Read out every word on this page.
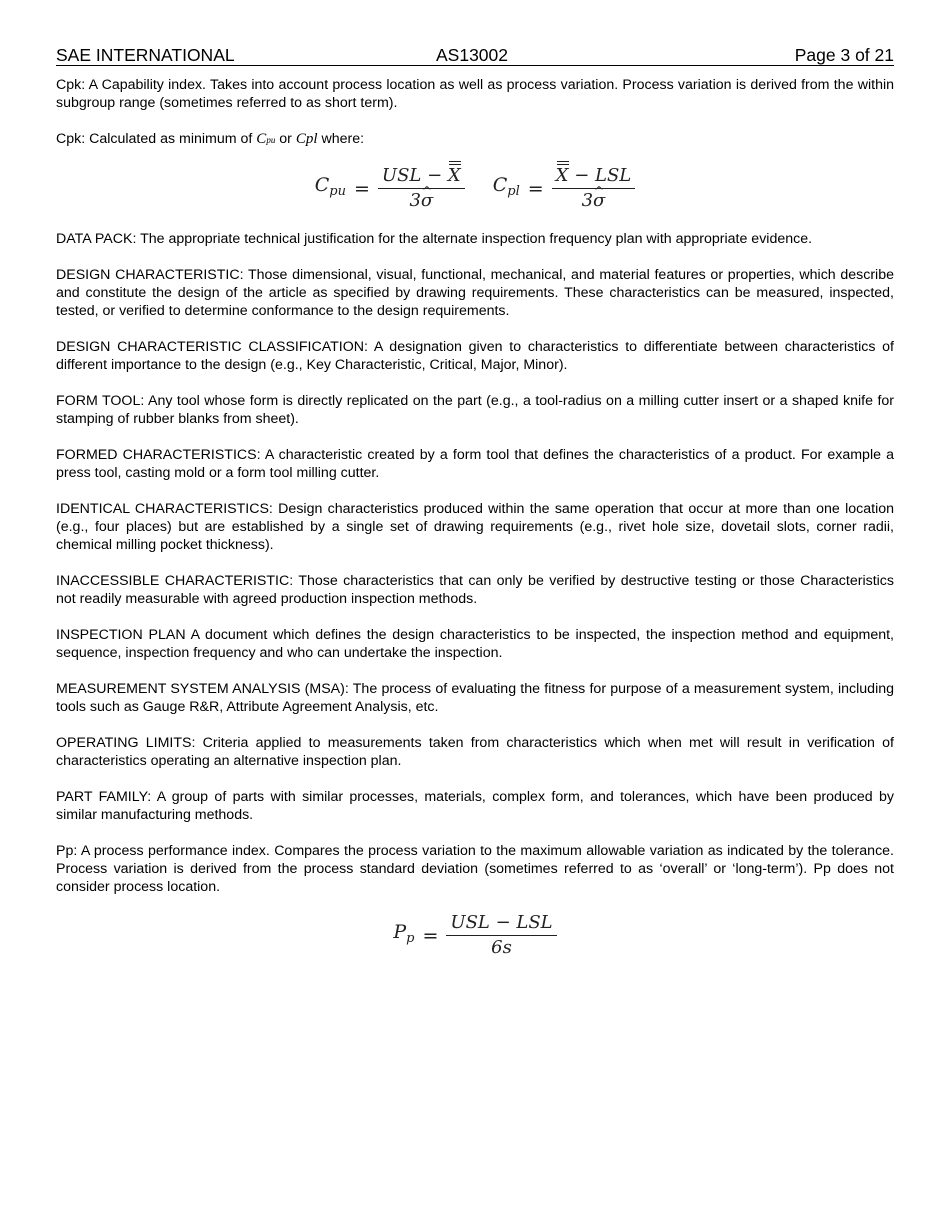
SAE INTERNATIONAL	AS13002	Page 3 of 21

Cpk: A Capability index. Takes into account process location as well as process variation. Process variation is derived from the within subgroup range (sometimes referred to as short term).

Cpk: Calculated as minimum of Cpu or Cpl where:

$C_{pu} = \frac{\text{USL − X}}{3\^{} \sigma} C_{pl} = \frac{\text{X − LSL}}{3\^{} \sigma}$

DATA PACK: The appropriate technical justification for the alternate inspection frequency plan with appropriate evidence.

DESIGN CHARACTERISTIC: Those dimensional, visual, functional, mechanical, and material features or properties, which describe and constitute the design of the article as specified by drawing requirements. These characteristics can be measured, inspected, tested, or verified to determine conformance to the design requirements.

DESIGN CHARACTERISTIC CLASSIFICATION: A designation given to characteristics to differentiate between characteristics of different importance to the design (e.g., Key Characteristic, Critical, Major, Minor).

FORM TOOL: Any tool whose form is directly replicated on the part (e.g., a tool-radius on a milling cutter insert or a shaped knife for stamping of rubber blanks from sheet).

FORMED CHARACTERISTICS: A characteristic created by a form tool that defines the characteristics of a product. For example a press tool, casting mold or a form tool milling cutter.

IDENTICAL CHARACTERISTICS: Design characteristics produced within the same operation that occur at more than one location (e.g., four places) but are established by a single set of drawing requirements (e.g., rivet hole size, dovetail slots, corner radii, chemical milling pocket thickness).

INACCESSIBLE CHARACTERISTIC: Those characteristics that can only be verified by destructive testing or those Characteristics not readily measurable with agreed production inspection methods.

INSPECTION PLAN A document which defines the design characteristics to be inspected, the inspection method and equipment, sequence, inspection frequency and who can undertake the inspection.

MEASUREMENT SYSTEM ANALYSIS (MSA): The process of evaluating the fitness for purpose of a measurement system, including tools such as Gauge R&R, Attribute Agreement Analysis, etc.

OPERATING LIMITS: Criteria applied to measurements taken from characteristics which when met will result in verification of characteristics operating an alternative inspection plan.

PART FAMILY: A group of parts with similar processes, materials, complex form, and tolerances, which have been produced by similar manufacturing methods.

Pp: A process performance index. Compares the process variation to the maximum allowable variation as indicated by the tolerance. Process variation is derived from the process standard deviation (sometimes referred to as ‘overall’ or ‘long-term’). Pp does not consider process location.

$P_p = \frac{\text{USL − LSL}}{6s}$
